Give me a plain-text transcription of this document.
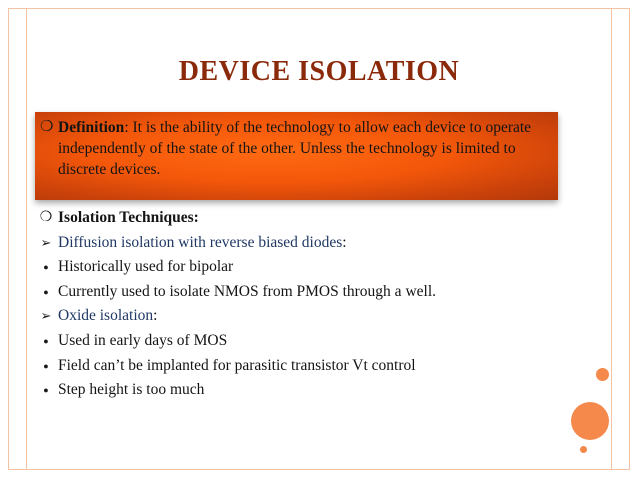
DEVICE ISOLATION
❍ Definition: It is the ability of the technology to allow each device to operate independently of the state of the other. Unless the technology is limited to discrete devices.
❍ Isolation Techniques:
➢ Diffusion isolation with reverse biased diodes:
● Historically used for bipolar
● Currently used to isolate NMOS from PMOS through a well.
➢ Oxide isolation:
● Used in early days of MOS
● Field can’t be implanted for parasitic transistor Vt control
● Step height is too much
